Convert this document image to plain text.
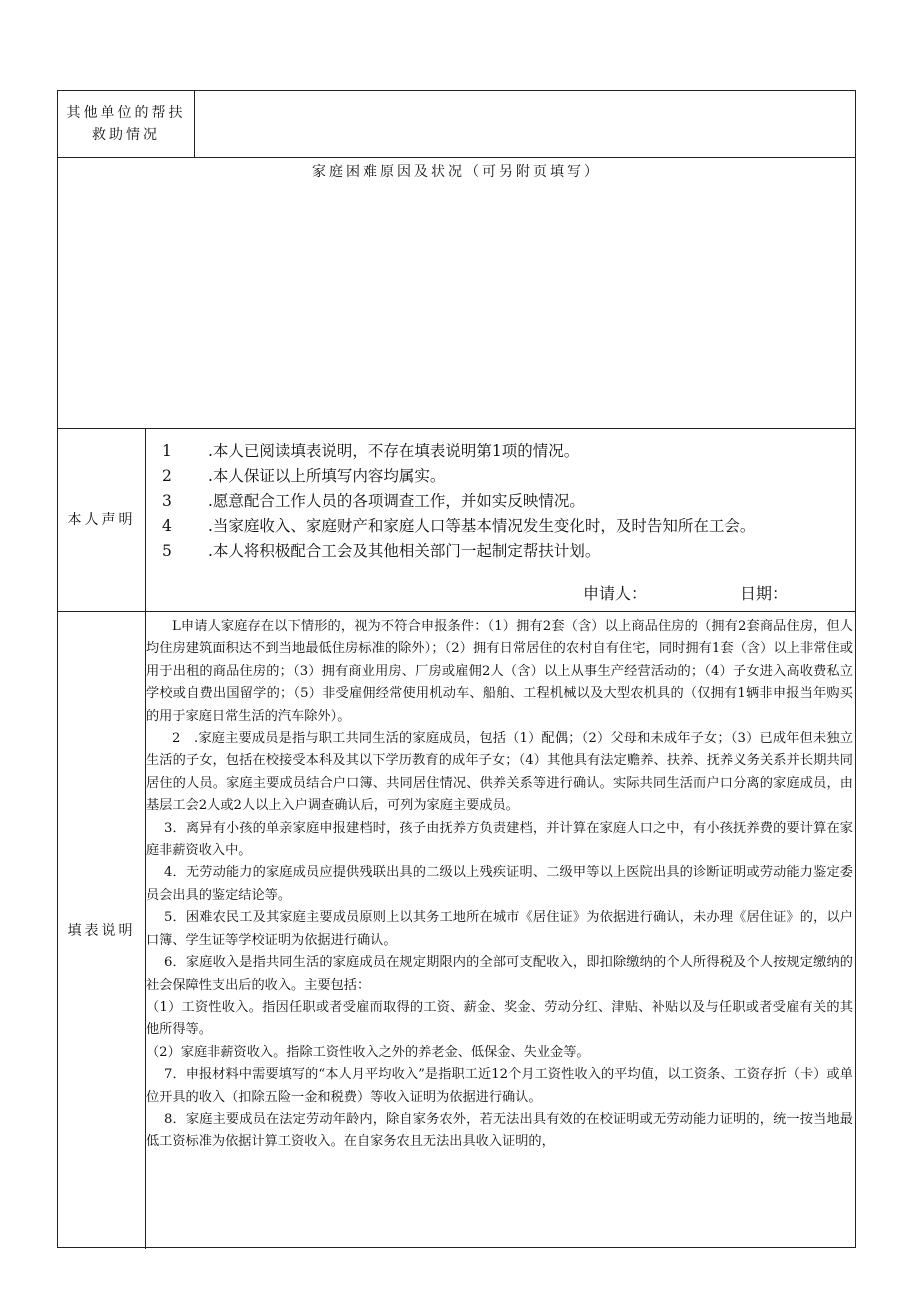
其他单位的帮扶救助情况
家庭困难原因及状况（可另附页填写）
本人声明
1 .本人已阅读填表说明，不存在填表说明第1项的情况。
2 .本人保证以上所填写内容均属实。
3 .愿意配合工作人员的各项调查工作，并如实反映情况。
4 .当家庭收入、家庭财产和家庭人口等基本情况发生变化时，及时告知所在工会。
5 .本人将积极配合工会及其他相关部门一起制定帮扶计划。
申请人：	日期：
填表说明

L申请人家庭存在以下情形的，视为不符合申报条件：（1）拥有2套（含）以上商品住房的（拥有2套商品住房，但人均住房建筑面积达不到当地最低住房标准的除外）；（2）拥有日常居住的农村自有住宅，同时拥有1套（含）以上非常住或用于出租的商品住房的；（3）拥有商业用房、厂房或雇佣2人（含）以上从事生产经营活动的；（4）子女进入高收费私立学校或自费出国留学的；（5）非受雇佣经常使用机动车、船舶、工程机械以及大型农机具的（仅拥有1辆非申报当年购买的用于家庭日常生活的汽车除外）。

2　.家庭主要成员是指与职工共同生活的家庭成员，包括（1）配偶；（2）父母和未成年子女；（3）已成年但未独立生活的子女，包括在校接受本科及其以下学历教育的成年子女；（4）其他具有法定赡养、扶养、抚养义务关系并长期共同居住的人员。家庭主要成员结合户口簿、共同居住情况、供养关系等进行确认。实际共同生活而户口分离的家庭成员，由基层工会2人或2人以上入户调查确认后，可列为家庭主要成员。

3．离异有小孩的单亲家庭申报建档时，孩子由抚养方负责建档，并计算在家庭人口之中，有小孩抚养费的要计算在家庭非薪资收入中。

4．无劳动能力的家庭成员应提供残联出具的二级以上残疾证明、二级甲等以上医院出具的诊断证明或劳动能力鉴定委员会出具的鉴定结论等。

5．困难农民工及其家庭主要成员原则上以其务工地所在城市《居住证》为依据进行确认，未办理《居住证》的，以户口簿、学生证等学校证明为依据进行确认。

6．家庭收入是指共同生活的家庭成员在规定期限内的全部可支配收入，即扣除缴纳的个人所得税及个人按规定缴纳的社会保障性支出后的收入。主要包括：

（1）工资性收入。指因任职或者受雇而取得的工资、薪金、奖金、劳动分红、津贴、补贴以及与任职或者受雇有关的其他所得等。

（2）家庭非薪资收入。指除工资性收入之外的养老金、低保金、失业金等。

7．申报材料中需要填写的“本人月平均收入”是指职工近12个月工资性收入的平均值，以工资条、工资存折（卡）或单位开具的收入（扣除五险一金和税费）等收入证明为依据进行确认。

8．家庭主要成员在法定劳动年龄内，除自家务农外，若无法出具有效的在校证明或无劳动能力证明的，统一按当地最低工资标准为依据计算工资收入。在自家务农且无法出具收入证明的，
